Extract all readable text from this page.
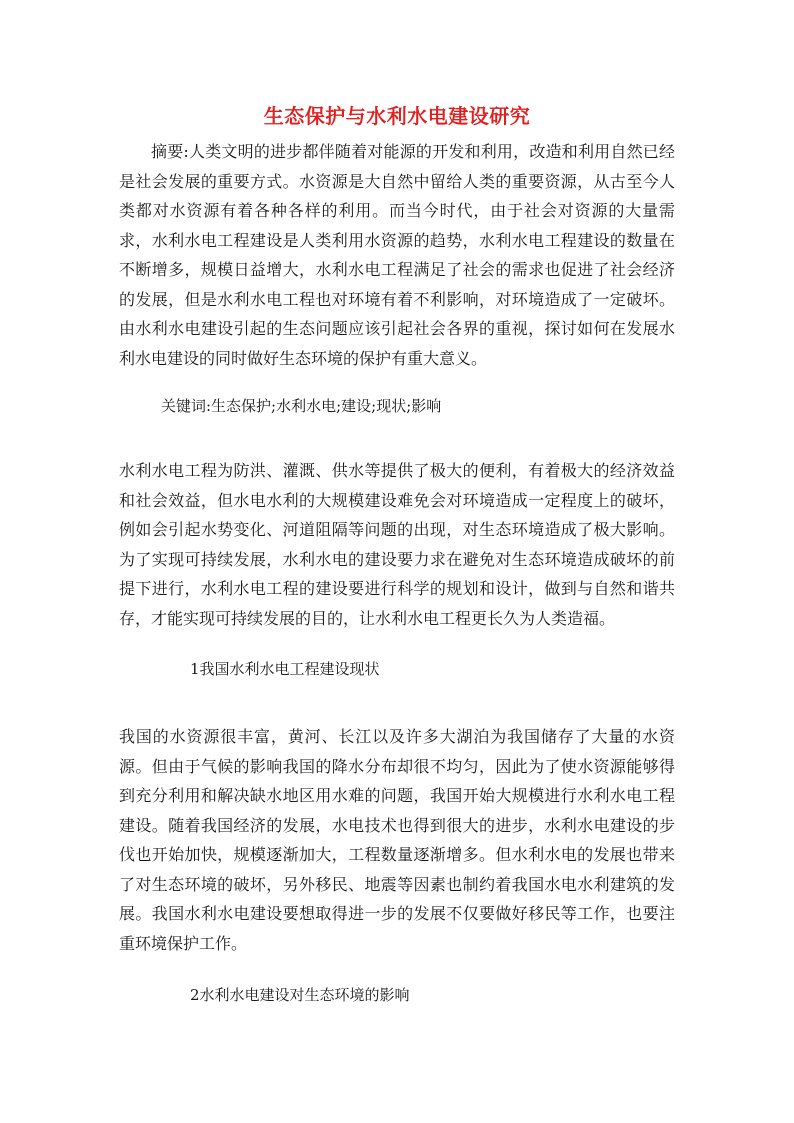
生态保护与水利水电建设研究
摘要:人类文明的进步都伴随着对能源的开发和利用，改造和利用自然已经是社会发展的重要方式。水资源是大自然中留给人类的重要资源，从古至今人类都对水资源有着各种各样的利用。而当今时代，由于社会对资源的大量需求，水利水电工程建设是人类利用水资源的趋势，水利水电工程建设的数量在不断增多，规模日益增大，水利水电工程满足了社会的需求也促进了社会经济的发展，但是水利水电工程也对环境有着不利影响，对环境造成了一定破坏。由水利水电建设引起的生态问题应该引起社会各界的重视，探讨如何在发展水利水电建设的同时做好生态环境的保护有重大意义。
关键词:生态保护;水利水电;建设;现状;影响
水利水电工程为防洪、灌溉、供水等提供了极大的便利，有着极大的经济效益和社会效益，但水电水利的大规模建设难免会对环境造成一定程度上的破坏，例如会引起水势变化、河道阻隔等问题的出现，对生态环境造成了极大影响。为了实现可持续发展，水利水电的建设要力求在避免对生态环境造成破坏的前提下进行，水利水电工程的建设要进行科学的规划和设计，做到与自然和谐共存，才能实现可持续发展的目的，让水利水电工程更长久为人类造福。
1我国水利水电工程建设现状
我国的水资源很丰富，黄河、长江以及许多大湖泊为我国储存了大量的水资源。但由于气候的影响我国的降水分布却很不均匀，因此为了使水资源能够得到充分利用和解决缺水地区用水难的问题，我国开始大规模进行水利水电工程建设。随着我国经济的发展，水电技术也得到很大的进步，水利水电建设的步伐也开始加快，规模逐渐加大，工程数量逐渐增多。但水利水电的发展也带来了对生态环境的破坏，另外移民、地震等因素也制约着我国水电水利建筑的发展。我国水利水电建设要想取得进一步的发展不仅要做好移民等工作，也要注重环境保护工作。
2水利水电建设对生态环境的影响
